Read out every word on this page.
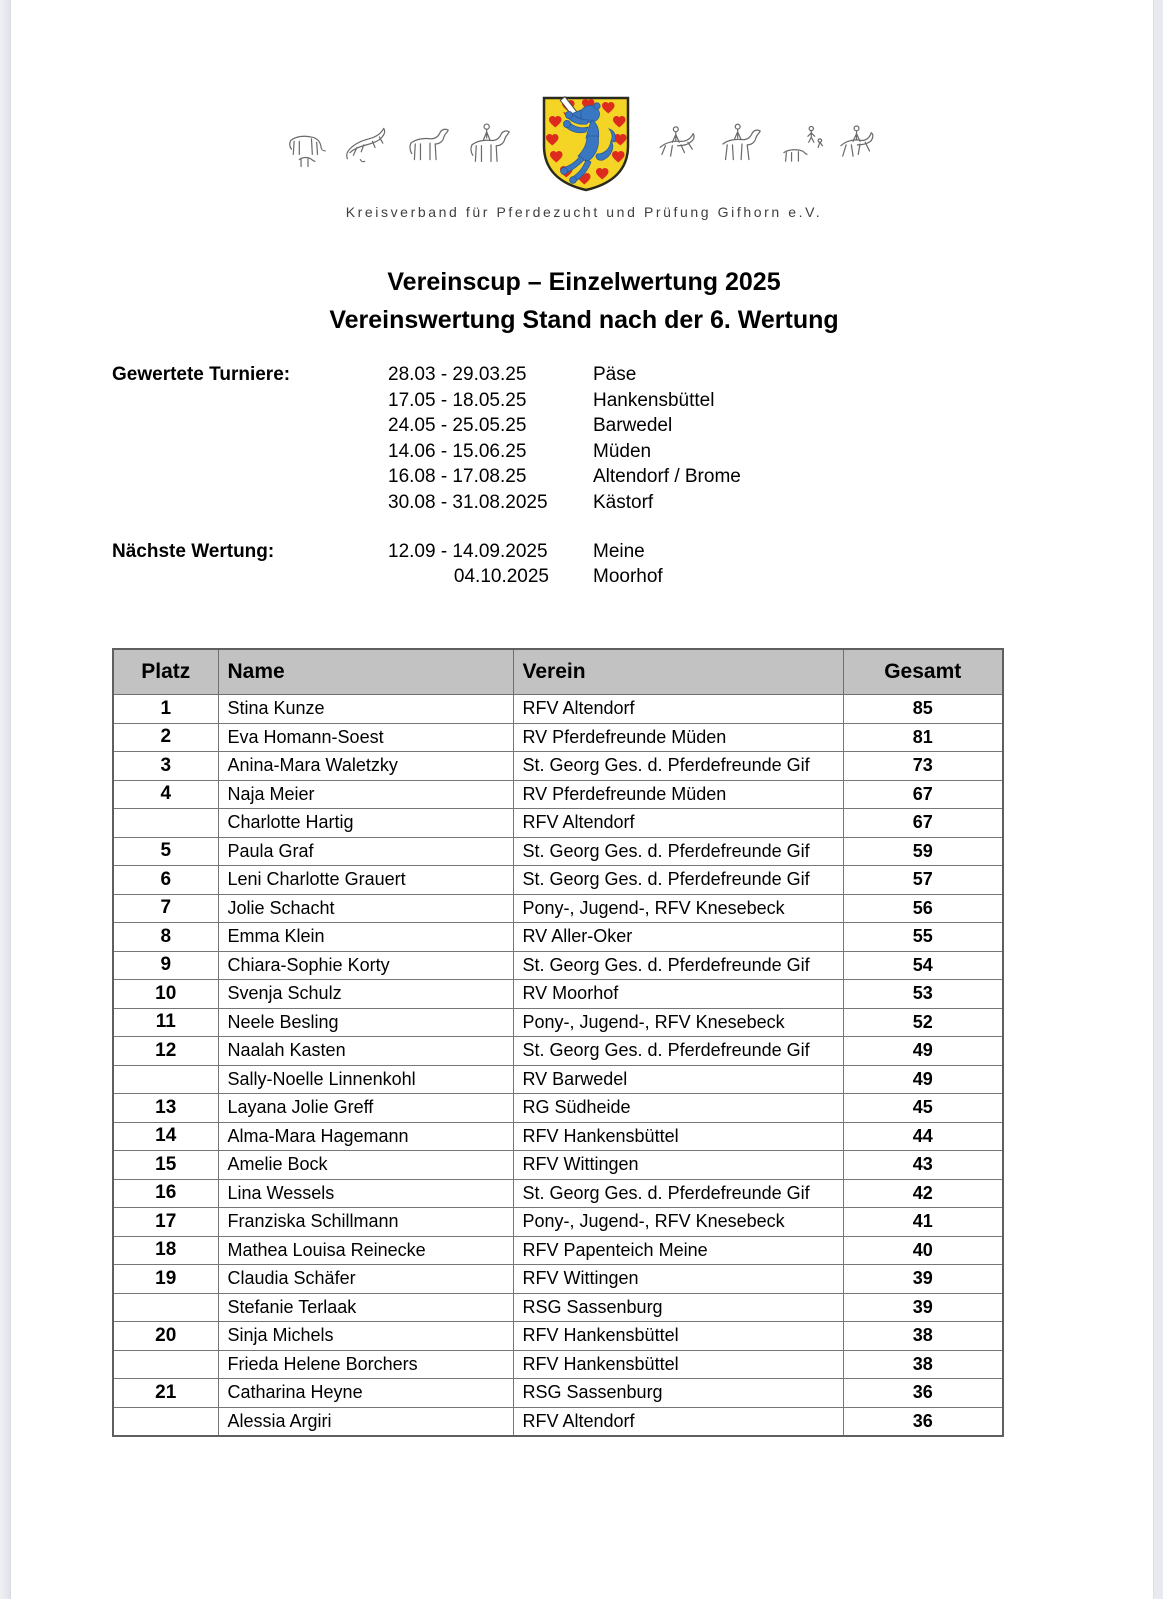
Kreisverband für Pferdezucht und Prüfung Gifhorn e.V.
Vereinscup – Einzelwertung 2025
Vereinswertung Stand nach der 6. Wertung
Gewertete Turniere:	28.03 - 29.03.25	Päse
17.05 - 18.05.25	Hankensbüttel
24.05 - 25.05.25	Barwedel
14.06 - 15.06.25	Müden
16.08 - 17.08.25	Altendorf / Brome
30.08 - 31.08.2025	Kästorf
Nächste Wertung:	12.09 - 14.09.2025	Meine
04.10.2025	Moorhof
Platz	Name	Verein	Gesamt
1	Stina Kunze	RFV Altendorf	85
2	Eva Homann-Soest	RV Pferdefreunde Müden	81
3	Anina-Mara Waletzky	St. Georg Ges. d. Pferdefreunde Gif	73
4	Naja Meier	RV Pferdefreunde Müden	67
	Charlotte Hartig	RFV Altendorf	67
5	Paula Graf	St. Georg Ges. d. Pferdefreunde Gif	59
6	Leni Charlotte Grauert	St. Georg Ges. d. Pferdefreunde Gif	57
7	Jolie Schacht	Pony-, Jugend-, RFV Knesebeck	56
8	Emma Klein	RV Aller-Oker	55
9	Chiara-Sophie Korty	St. Georg Ges. d. Pferdefreunde Gif	54
10	Svenja Schulz	RV Moorhof	53
11	Neele Besling	Pony-, Jugend-, RFV Knesebeck	52
12	Naalah Kasten	St. Georg Ges. d. Pferdefreunde Gif	49
	Sally-Noelle Linnenkohl	RV Barwedel	49
13	Layana Jolie Greff	RG Südheide	45
14	Alma-Mara Hagemann	RFV Hankensbüttel	44
15	Amelie Bock	RFV Wittingen	43
16	Lina Wessels	St. Georg Ges. d. Pferdefreunde Gif	42
17	Franziska Schillmann	Pony-, Jugend-, RFV Knesebeck	41
18	Mathea Louisa Reinecke	RFV Papenteich Meine	40
19	Claudia Schäfer	RFV Wittingen	39
	Stefanie Terlaak	RSG Sassenburg	39
20	Sinja Michels	RFV Hankensbüttel	38
	Frieda Helene Borchers	RFV Hankensbüttel	38
21	Catharina Heyne	RSG Sassenburg	36
	Alessia Argiri	RFV Altendorf	36
